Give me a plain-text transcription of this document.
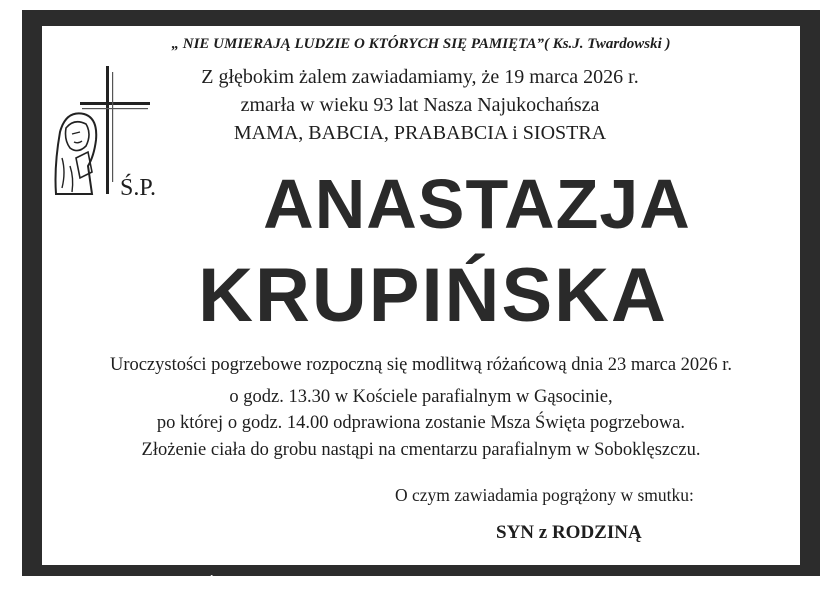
„ NIE UMIERAJĄ LUDZIE O KTÓRYCH SIĘ PAMIĘTA”( Ks.J. Twardowski )
Z głębokim żalem zawiadamiamy, że 19 marca 2026 r.
zmarła w wieku 93 lat Nasza Najukochańsza
MAMA, BABCIA, PRABABCIA i SIOSTRA
Ś.P.	ANASTAZJA
KRUPIŃSKA
Uroczystości pogrzebowe rozpoczną się modlitwą różańcową dnia 23 marca 2026 r.
o godz. 13.30 w Kościele parafialnym w Gąsocinie,
po której o godz. 14.00 odprawiona zostanie Msza Święta pogrzebowa.
Złożenie ciała do grobu nastąpi na cmentarzu parafialnym w Soboklęszczu.
O czym zawiadamia pogrążony w smutku:
SYN z RODZINĄ
DRUK: Z.U.P. "HADES" R.Żurawski tel. 023 672 14 88, 662 198 820
